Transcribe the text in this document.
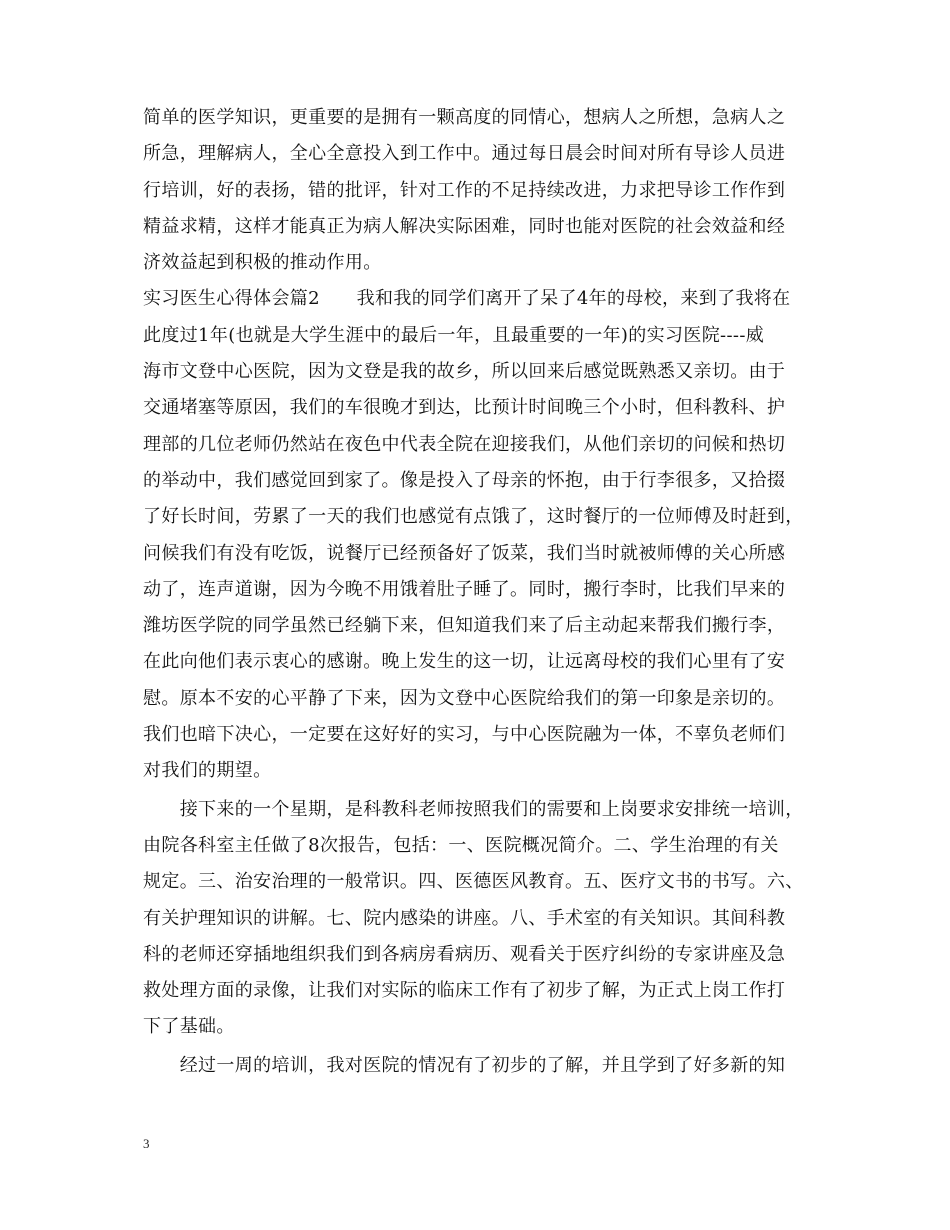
简单的医学知识，更重要的是拥有一颗高度的同情心，想病人之所想，急病人之
所急，理解病人，全心全意投入到工作中。通过每日晨会时间对所有导诊人员进
行培训，好的表扬，错的批评，针对工作的不足持续改进，力求把导诊工作作到
精益求精，这样才能真正为病人解决实际困难，同时也能对医院的社会效益和经
济效益起到积极的推动作用。
实习医生心得体会篇2　　我和我的同学们离开了呆了4年的母校，来到了我将在
此度过1年(也就是大学生涯中的最后一年，且最重要的一年)的实习医院----威
海市文登中心医院，因为文登是我的故乡，所以回来后感觉既熟悉又亲切。由于
交通堵塞等原因，我们的车很晚才到达，比预计时间晚三个小时，但科教科、护
理部的几位老师仍然站在夜色中代表全院在迎接我们，从他们亲切的问候和热切
的举动中，我们感觉回到家了。像是投入了母亲的怀抱，由于行李很多，又拾掇
了好长时间，劳累了一天的我们也感觉有点饿了，这时餐厅的一位师傅及时赶到，
问候我们有没有吃饭，说餐厅已经预备好了饭菜，我们当时就被师傅的关心所感
动了，连声道谢，因为今晚不用饿着肚子睡了。同时，搬行李时，比我们早来的
潍坊医学院的同学虽然已经躺下来，但知道我们来了后主动起来帮我们搬行李，
在此向他们表示衷心的感谢。晚上发生的这一切，让远离母校的我们心里有了安
慰。原本不安的心平静了下来，因为文登中心医院给我们的第一印象是亲切的。
我们也暗下决心，一定要在这好好的实习，与中心医院融为一体，不辜负老师们
对我们的期望。
　　接下来的一个星期，是科教科老师按照我们的需要和上岗要求安排统一培训，
由院各科室主任做了8次报告，包括：一、医院概况简介。二、学生治理的有关
规定。三、治安治理的一般常识。四、医德医风教育。五、医疗文书的书写。六、
有关护理知识的讲解。七、院内感染的讲座。八、手术室的有关知识。其间科教
科的老师还穿插地组织我们到各病房看病历、观看关于医疗纠纷的专家讲座及急
救处理方面的录像，让我们对实际的临床工作有了初步了解，为正式上岗工作打
下了基础。
　　经过一周的培训，我对医院的情况有了初步的了解，并且学到了好多新的知
3
